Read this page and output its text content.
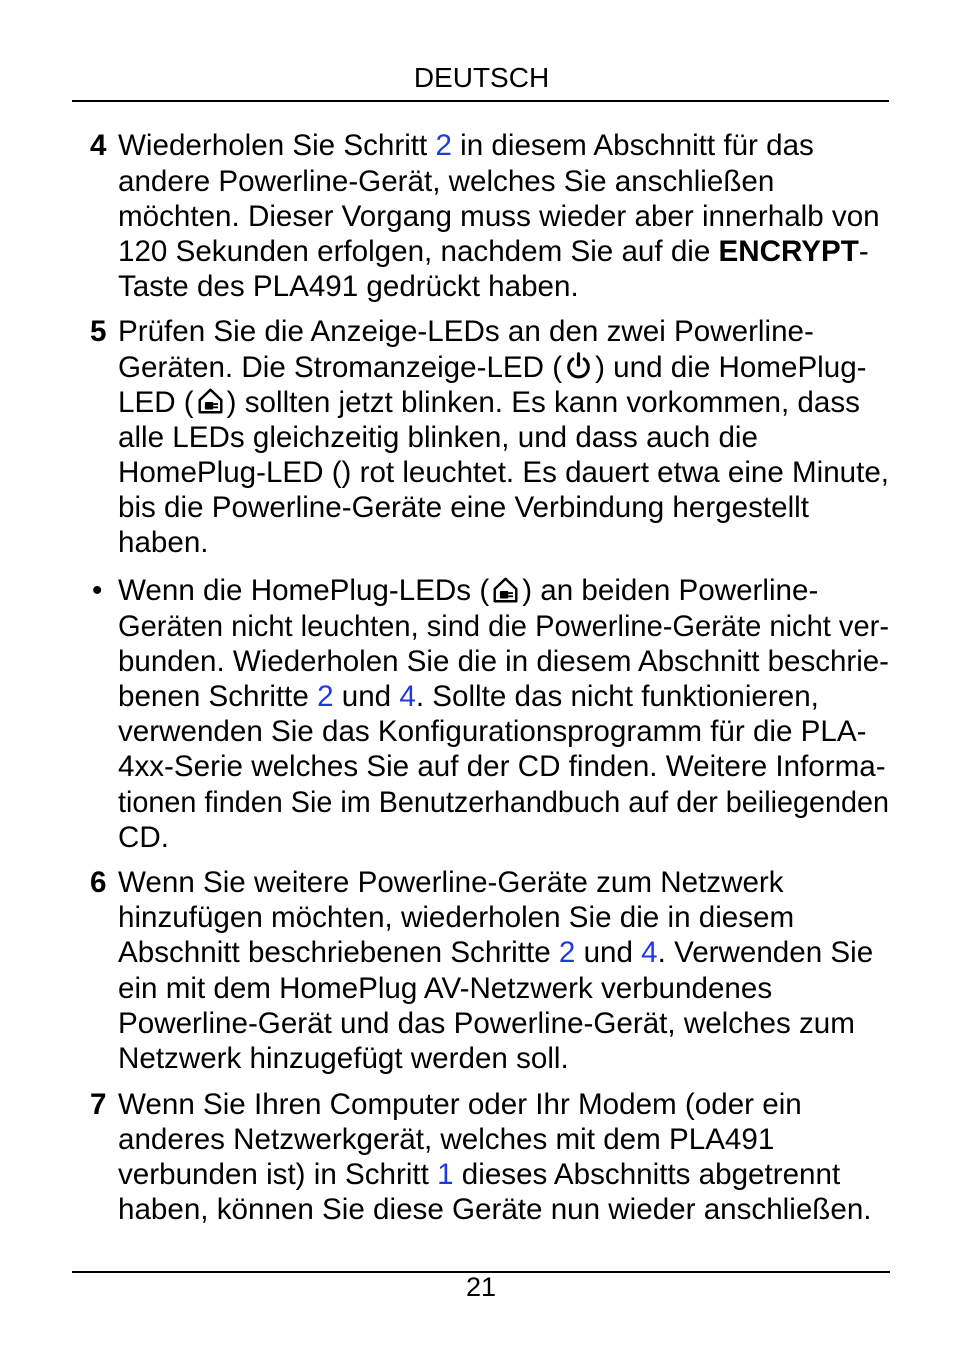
DEUTSCH
4 Wiederholen Sie Schritt 2 in diesem Abschnitt für das
andere Powerline-Gerät, welches Sie anschließen
möchten. Dieser Vorgang muss wieder aber innerhalb von
120 Sekunden erfolgen, nachdem Sie auf die ENCRYPT-
Taste des PLA491 gedrückt haben.
5 Prüfen Sie die Anzeige-LEDs an den zwei Powerline-
Geräten. Die Stromanzeige-LED ( ) und die HomePlug-
LED ( ) sollten jetzt blinken. Es kann vorkommen, dass
alle LEDs gleichzeitig blinken, und dass auch die
HomePlug-LED () rot leuchtet. Es dauert etwa eine Minute,
bis die Powerline-Geräte eine Verbindung hergestellt
haben.
• Wenn die HomePlug-LEDs ( ) an beiden Powerline-
Geräten nicht leuchten, sind die Powerline-Geräte nicht ver-
bunden. Wiederholen Sie die in diesem Abschnitt beschrie-
benen Schritte 2 und 4. Sollte das nicht funktionieren,
verwenden Sie das Konfigurationsprogramm für die PLA-
4xx-Serie welches Sie auf der CD finden. Weitere Informa-
tionen finden Sie im Benutzerhandbuch auf der beiliegenden
CD.
6 Wenn Sie weitere Powerline-Geräte zum Netzwerk
hinzufügen möchten, wiederholen Sie die in diesem
Abschnitt beschriebenen Schritte 2 und 4. Verwenden Sie
ein mit dem HomePlug AV-Netzwerk verbundenes
Powerline-Gerät und das Powerline-Gerät, welches zum
Netzwerk hinzugefügt werden soll.
7 Wenn Sie Ihren Computer oder Ihr Modem (oder ein
anderes Netzwerkgerät, welches mit dem PLA491
verbunden ist) in Schritt 1 dieses Abschnitts abgetrennt
haben, können Sie diese Geräte nun wieder anschließen.
21
